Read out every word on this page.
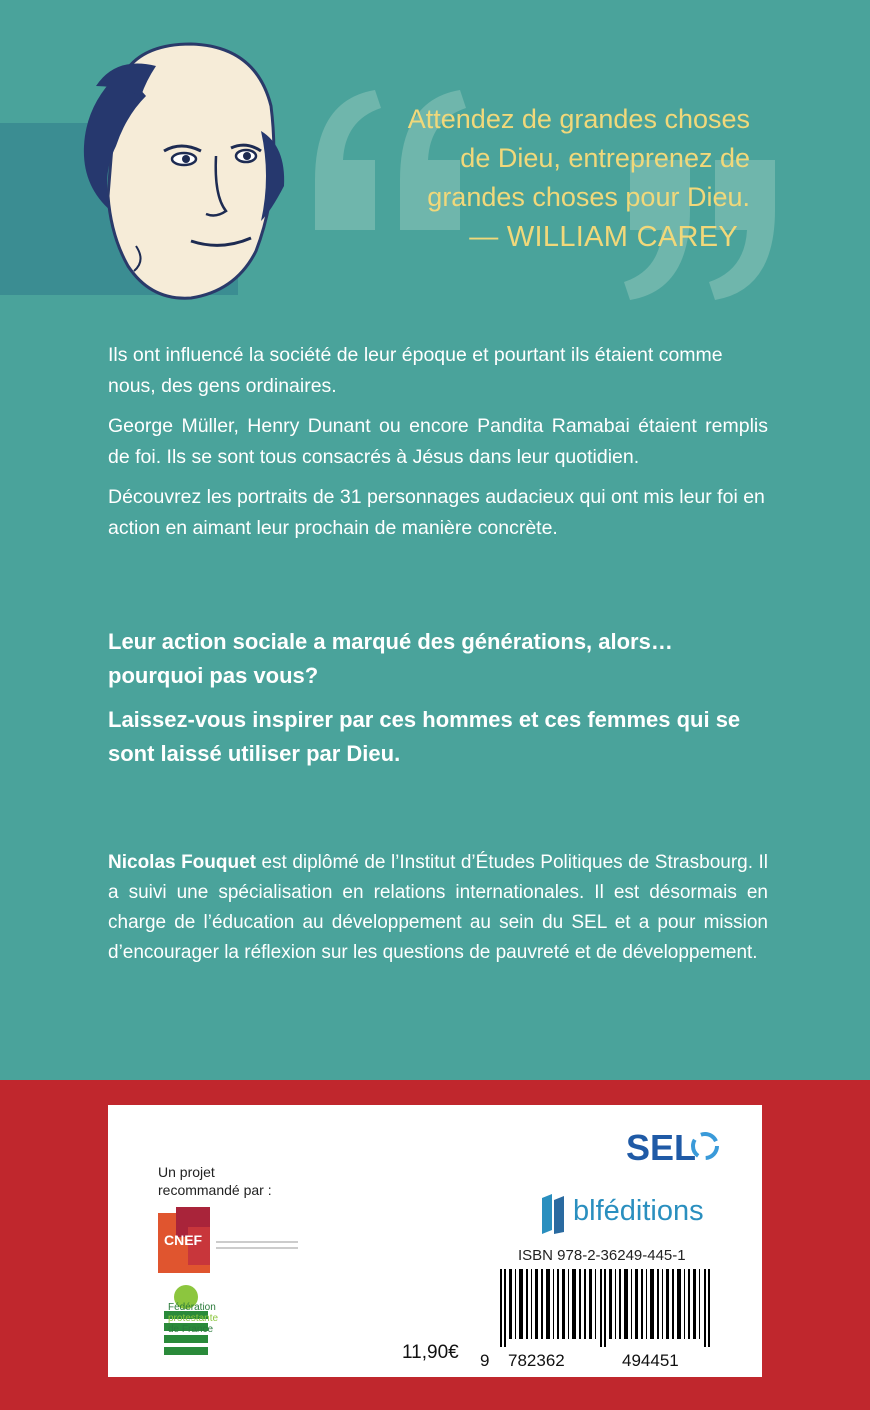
Attendez de grandes choses
de Dieu, entreprenez de
grandes choses pour Dieu.
— WILLIAM CAREY

Ils ont influencé la société de leur époque et pourtant ils étaient comme nous, des gens ordinaires.

George Müller, Henry Dunant ou encore Pandita Ramabai étaient remplis de foi. Ils se sont tous consacrés à Jésus dans leur quotidien.

Découvrez les portraits de 31 personnages audacieux qui ont mis leur foi en action en aimant leur prochain de manière concrète.

Leur action sociale a marqué des générations, alors… pourquoi pas vous?

Laissez-vous inspirer par ces hommes et ces femmes qui se sont laissé utiliser par Dieu.

Nicolas Fouquet est diplômé de l’Institut d’Études Politiques de Strasbourg. Il a suivi une spécialisation en relations internationales. Il est désormais en charge de l’éducation au développement au sein du SEL et a pour mission d’encourager la réflexion sur les questions de pauvreté et de développement.
Un projet
recommandé par :
CNEF
Fédération
protestante
de France
SEL
blféditions
ISBN 978-2-36249-445-1
9 782362	494451
11,90€
